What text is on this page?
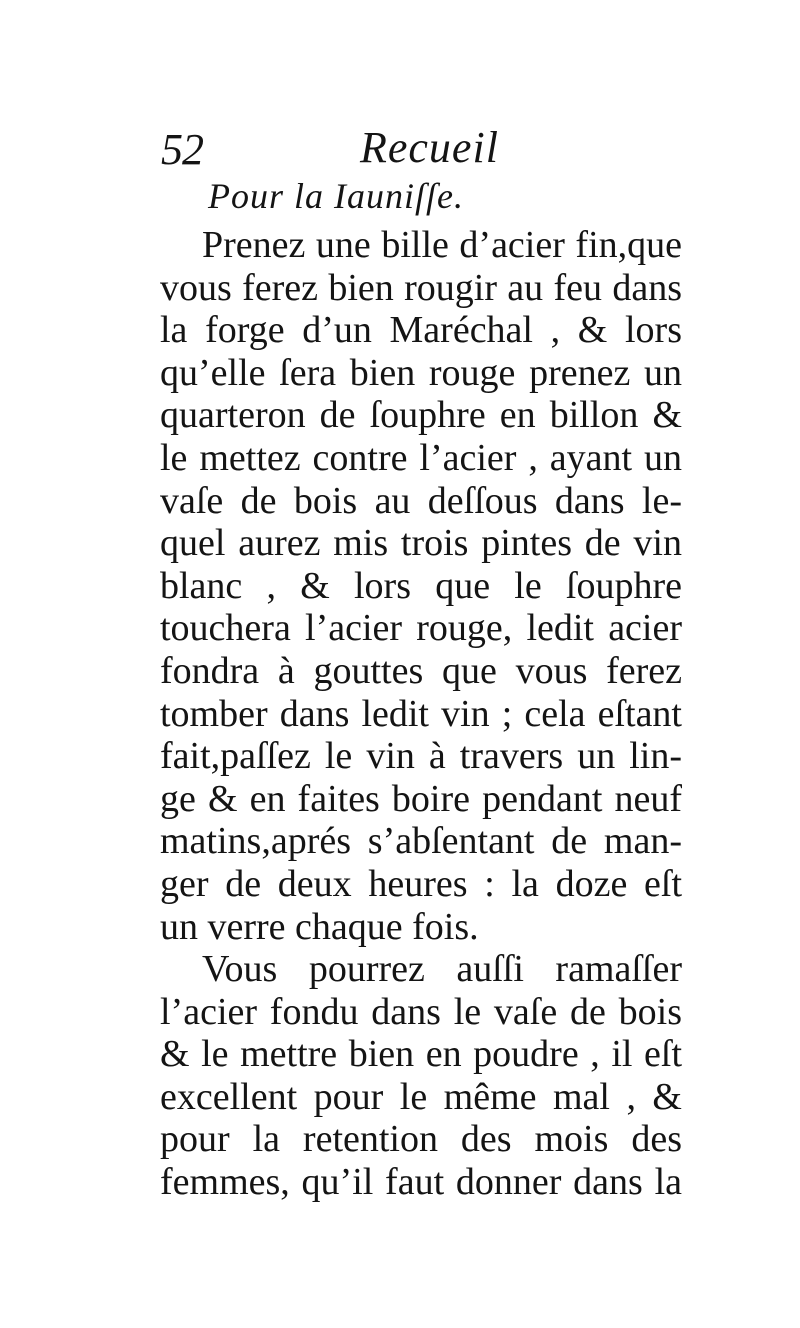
52	Recueil
Pour la Iauniſſe.
Prenez une bille d’acier fin,que
vous ferez bien rougir au feu dans
la forge d’un Maréchal , & lors
qu’elle ſera bien rouge prenez un
quarteron de ſouphre en billon &
le mettez contre l’acier , ayant un
vaſe de bois au deſſous dans le-
quel aurez mis trois pintes de vin
blanc , & lors que le ſouphre
touchera l’acier rouge, ledit acier
fondra à gouttes que vous ferez
tomber dans ledit vin ; cela eſtant
fait,paſſez le vin à travers un lin-
ge & en faites boire pendant neuf
matins,aprés s’abſentant de man-
ger de deux heures : la doze eſt
un verre chaque fois.
Vous pourrez auſſi ramaſſer
l’acier fondu dans le vaſe de bois
& le mettre bien en poudre , il eſt
excellent pour le même mal , &
pour la retention des mois des
femmes, qu’il faut donner dans la
